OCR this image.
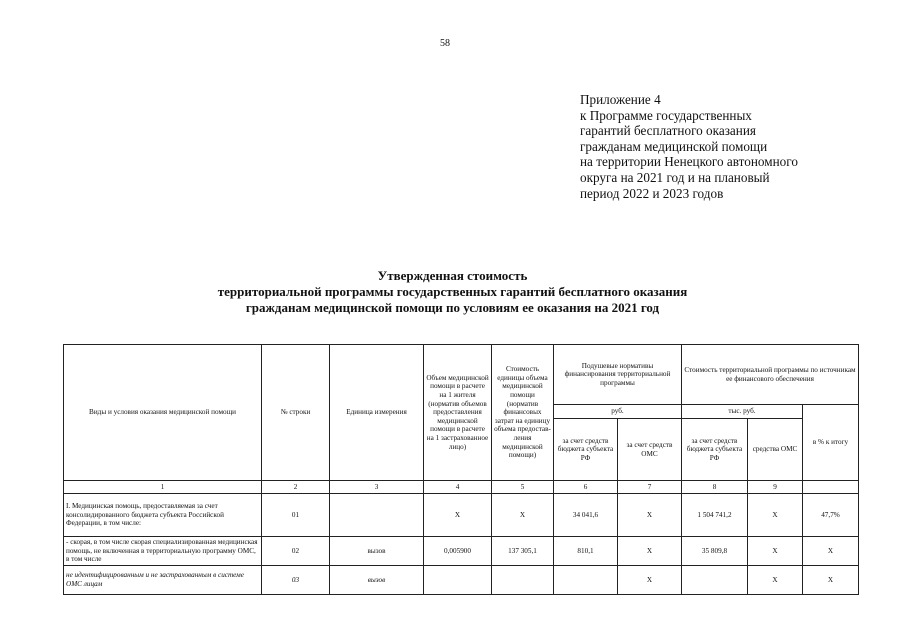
58
Приложение 4
к Программе государственных
гарантий бесплатного оказания
гражданам медицинской помощи
на территории Ненецкого автономного
округа на 2021 год и на плановый
период 2022 и 2023 годов
Утвержденная стоимость
территориальной программы государственных гарантий бесплатного оказания
гражданам медицинской помощи по условиям ее оказания на 2021 год
Виды и условия оказания медицинской помощи	№ строки	Единица измерения	Объем медицинской помощи в расчете на 1 жителя (норматив объемов предоставления медицинской помощи в расчете на 1 застрахованное лицо)	Стоимость единицы объема медицинской помощи (норматив финансовых затрат на единицу объема предостав-ления медицинской помощи)	Подушевые нормативы финансирования территориальной программы		Стоимость территориальной программы по источникам ее финансового обеспечения		
					руб.		тыс. руб.		в % к итогу
					за счет средств бюджета субъекта РФ	за счет средств ОМС	за счет средств бюджета субъекта РФ	средства ОМС	
1	2	3	4	5	6	7	8	9	
I. Медицинская помощь, предоставляемая за счет консолидированного бюджета субъекта Российской Федерации, в том числе:	01		X	X	34 041,6	X	1 504 741,2	X	47,7%
- скорая, в том числе скорая специализированная медицинская помощь, не включенная в территориальную программу ОМС, в том числе	02	вызов	0,005900	137 305,1	810,1	X	35 809,8	X	X
не идентифицированным и не застрахованным в системе ОМС лицам	03	вызов				X		X	X
